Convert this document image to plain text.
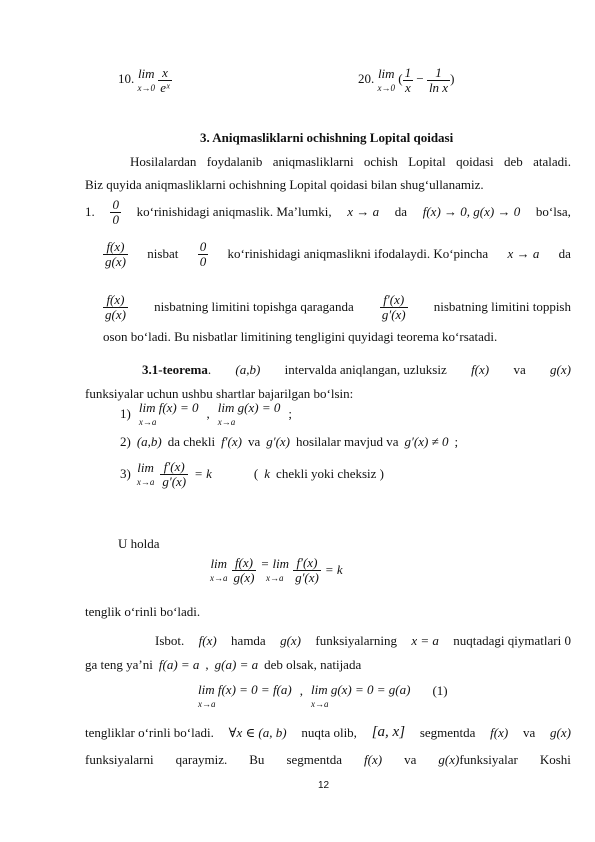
10. lim
$x\to 0 \frac{x}{\text{eˣ}}$	20. lim
x→0 ( $\frac{1}{x} - \frac{1}{\text{ln x}}$ )
3. Aniqmasliklarni ochishning Lopital qoidasi
Hosilalardan foydalanib aniqmasliklarni ochish Lopital qoidasi deb ataladi.
Biz quyida aniqmasliklarni ochishning Lopital qoidasi bilan shug‘ullanamiz.
1. $\frac{0}{0}$ ko‘rinishidagi aniqmaslik. Ma’lumki, x → a da f(x) → 0, g(x) → 0 bo‘lsa,
$\frac{f(x)}{g(x)}$ nisbat $\frac{0}{0}$ ko‘rinishidagi aniqmaslikni ifodalaydi. Ko‘pincha x → a da
$\frac{f(x)}{g(x)}$ nisbatning limitini topishga qaraganda $\frac{f'(x)}{g'(x)}$ nisbatning limitini toppish
oson bo‘ladi. Bu nisbatlar limitining tengligini quyidagi teorema ko‘rsatadi.
3.1-teorema. (a,b) intervalda aniqlangan, uzluksiz f(x) va g(x)
funksiyalar uchun ushbu shartlar bajarilgan bo‘lsin:
1) lim f(x) = 0
x→a
, lim g(x) = 0
x→a
;
2) (a,b) da chekli f′(x) va g′(x) hosilalar mavjud va g′(x) ≠ 0 ;
3) lim
$x\to a \frac{f'(x)}{g'(x)} = k$	( k chekli yoki cheksiz )
U holda
lim
$x\to a \frac{f(x)}{g(x)} = \lim$
$x\to a \frac{f'(x)}{g'(x)} = k$
tenglik o‘rinli bo‘ladi.
Isbot. f(x) hamda g(x) funksiyalarning x = a nuqtadagi qiymatlari 0
ga teng ya’ni f(a) = a , g(a) = a deb olsak, natijada
lim f(x) = 0 = f(a)
x→a
, lim g(x) = 0 = g(a)
x→a
(1)
tengliklar o‘rinli bo‘ladi. ∀x ∈ (a, b) nuqta olib, [a, x] segmentda f(x) va g(x)
funksiyalarni qaraymiz. Bu segmentda f(x) va g(x)funksiyalar Koshi
12
